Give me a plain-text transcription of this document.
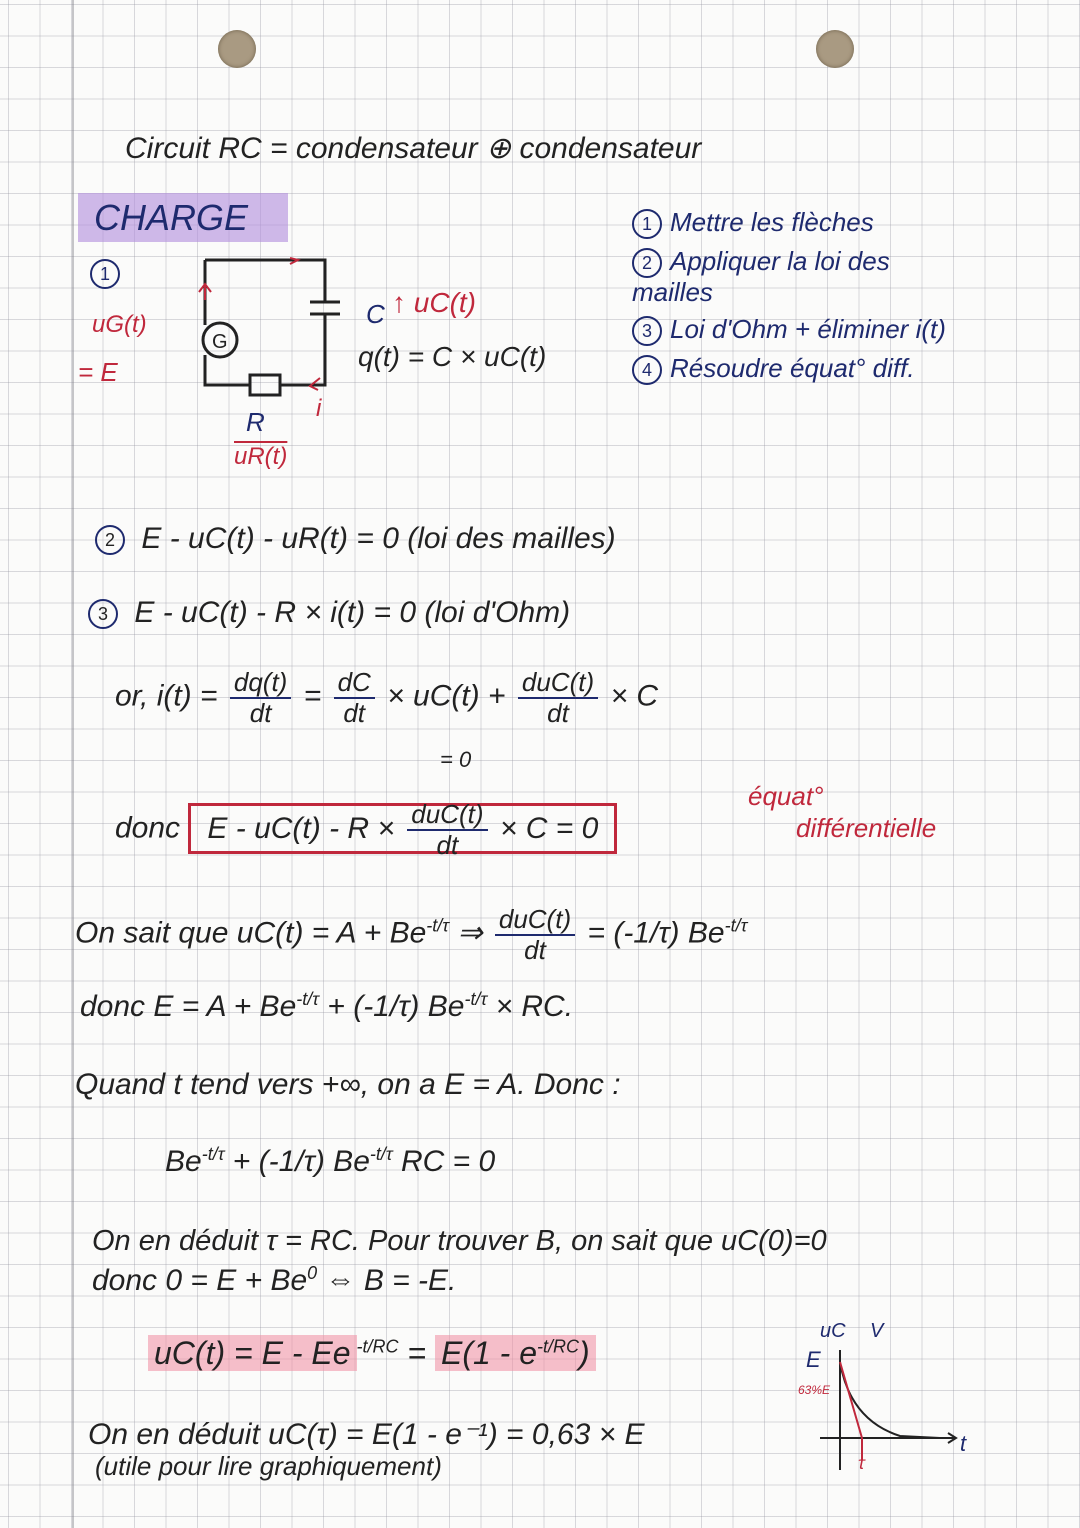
Circuit RC = condensateur ⊕ condensateur
CHARGE
1
G
uG(t)
= E
R
uR(t)
i
C ↑ uC(t)
q(t) = C × uC(t)
1 Mettre les flèches
2 Appliquer la loi des mailles
3 Loi d'Ohm + éliminer i(t)
4 Résoudre équat° diff.
2 E - uC(t) - uR(t) = 0 (loi des mailles)
3 E - uC(t) - R × i(t) = 0 (loi d'Ohm)
or, $i(t) = \frac{dq(t)}{dt} = \frac{dC}{dt} \times uC(t) + \frac{\text{duC(t)}}{dt} \times C$
= 0
donc $E - uC(t) - R \times \frac{\text{duC(t)}}{dt} \times C = 0$
équat°
différentielle
On sait que $uC(t) = A + Be^{-t/\tau}$ ⇒ $\frac{\text{duC(t)}}{dt} = (-1/\tau)$ $Be^{-t/\tau}$
donc $E = A + Be^{-t/\tau} + (-1/\tau) Be^{-t/\tau}$ × RC.
Quand t tend vers +∞, on a E = A. Donc :
$Be^{-t/\tau} + (-1/\tau)$ $Be^{-t/\tau}$ RC = 0
On en déduit τ = RC. Pour trouver B, on sait que uC(0)=0
donc $0 = E + Be^0$ ⇔ B = -E.
uC(t) = E - Ee $^{-t/RC} = E(1 - e^{-t/RC})$
On en déduit uC(τ) = E(1 - e⁻¹) = 0,63 × E
(utile pour lire graphiquement)
uC V
E
63%E
τ
t
